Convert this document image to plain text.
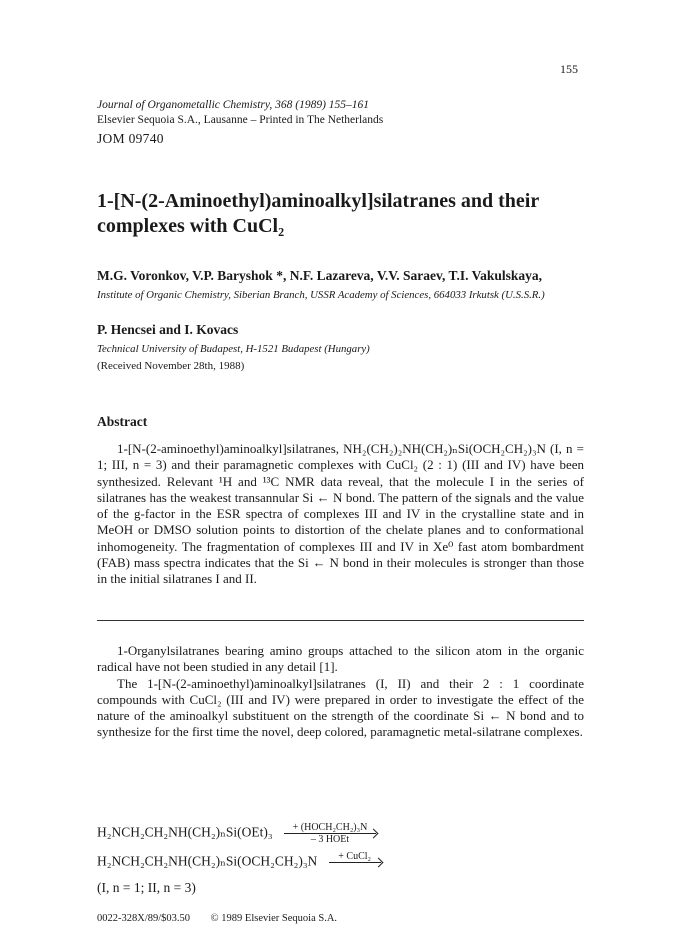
155
Journal of Organometallic Chemistry, 368 (1989) 155–161
Elsevier Sequoia S.A., Lausanne – Printed in The Netherlands
JOM 09740
1-[N-(2-Aminoethyl)aminoalkyl]silatranes and their complexes with CuCl₂
M.G. Voronkov, V.P. Baryshok *, N.F. Lazareva, V.V. Saraev, T.I. Vakulskaya,
Institute of Organic Chemistry, Siberian Branch, USSR Academy of Sciences, 664033 Irkutsk (U.S.S.R.)
P. Hencsei and I. Kovacs
Technical University of Budapest, H-1521 Budapest (Hungary)
(Received November 28th, 1988)
Abstract

1-[N-(2-aminoethyl)aminoalkyl]silatranes, NH₂(CH₂)₂NH(CH₂)ₙSi(OCH₂CH₂)₃N (I, n = 1; III, n = 3) and their paramagnetic complexes with CuCl₂ (2 : 1) (III and IV) have been synthesized. Relevant ¹H and ¹³C NMR data reveal, that the molecule I in the series of silatranes has the weakest transannular Si ← N bond. The pattern of the signals and the value of the g-factor in the ESR spectra of complexes III and IV in the crystalline state and in MeOH or DMSO solution points to distortion of the chelate planes and to conformational inhomogeneity. The fragmentation of complexes III and IV in Xe⁰ fast atom bombardment (FAB) mass spectra indicates that the Si ← N bond in their molecules is stronger than those in the initial silatranes I and II.

1-Organylsilatranes bearing amino groups attached to the silicon atom in the organic radical have not been studied in any detail [1].

The 1-[N-(2-aminoethyl)aminoalkyl]silatranes (I, II) and their 2 : 1 coordinate compounds with CuCl₂ (III and IV) were prepared in order to investigate the effect of the nature of the aminoalkyl substituent on the strength of the coordinate Si ← N bond and to synthesize for the first time the novel, deep colored, paramagnetic metal-silatrane complexes.

H₂NCH₂CH₂NH(CH₂)ₙSi(OEt)₃	+ (HOCH₂CH₂)₃N
– 3 HOEt
H₂NCH₂CH₂NH(CH₂)ₙSi(OCH₂CH₂)₃N	+ CuCl₂

(I, n = 1; II, n = 3)
0022-328X/89/$03.50 © 1989 Elsevier Sequoia S.A.
